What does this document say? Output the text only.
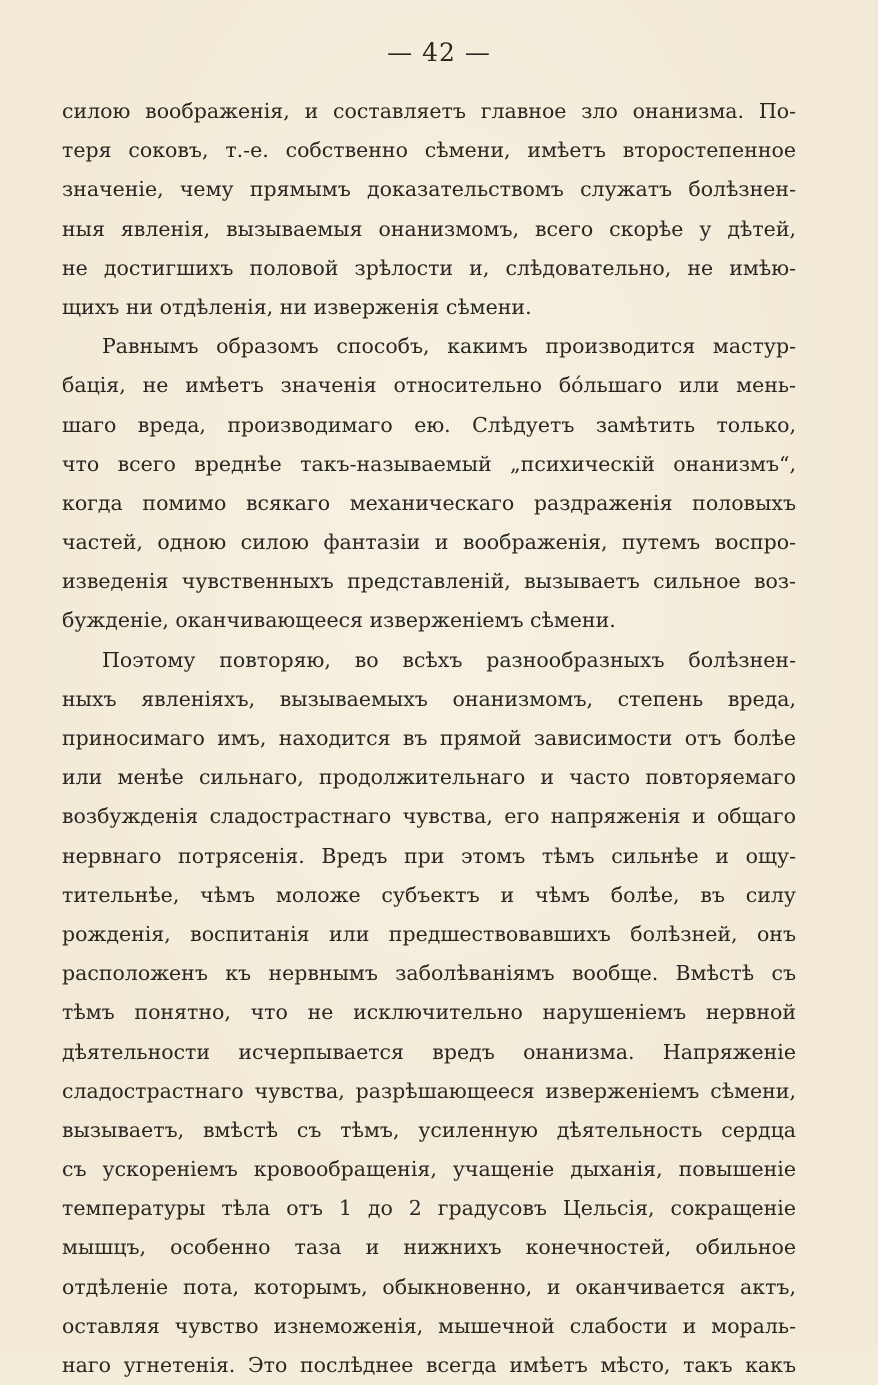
— 42 —
силою воображенія, и составляетъ главное зло онанизма. По-
теря соковъ, т.-е. собственно сѣмени, имѣетъ второстепенное
значеніе, чему прямымъ доказательствомъ служатъ болѣзнен-
ныя явленія, вызываемыя онанизмомъ, всего скорѣе у дѣтей,
не достигшихъ половой зрѣлости и, слѣдовательно, не имѣю-
щихъ ни отдѣленія, ни изверженія сѣмени.
Равнымъ образомъ способъ, какимъ производится мастур-
бація, не имѣетъ значенія относительно бóльшаго или мень-
шаго вреда, производимаго ею. Слѣдуетъ замѣтить только,
что всего вреднѣе такъ-называемый „психическій онанизмъ“,
когда помимо всякаго механическаго раздраженія половыхъ
частей, одною силою фантазіи и воображенія, путемъ воспро-
изведенія чувственныхъ представленій, вызываетъ сильное воз-
бужденіе, оканчивающееся изверженіемъ сѣмени.
Поэтому повторяю, во всѣхъ разнообразныхъ болѣзнен-
ныхъ явленіяхъ, вызываемыхъ онанизмомъ, степень вреда,
приносимаго имъ, находится въ прямой зависимости отъ болѣе
или менѣе сильнаго, продолжительнаго и часто повторяемаго
возбужденія сладострастнаго чувства, его напряженія и общаго
нервнаго потрясенія. Вредъ при этомъ тѣмъ сильнѣе и ощу-
тительнѣе, чѣмъ моложе субъектъ и чѣмъ болѣе, въ силу
рожденія, воспитанія или предшествовавшихъ болѣзней, онъ
расположенъ къ нервнымъ заболѣваніямъ вообще. Вмѣстѣ съ
тѣмъ понятно, что не исключительно нарушеніемъ нервной
дѣятельности исчерпывается вредъ онанизма. Напряженіе
сладострастнаго чувства, разрѣшающееся изверженіемъ сѣмени,
вызываетъ, вмѣстѣ съ тѣмъ, усиленную дѣятельность сердца
съ ускореніемъ кровообращенія, учащеніе дыханія, повышеніе
температуры тѣла отъ 1 до 2 градусовъ Цельсія, сокращеніе
мышцъ, особенно таза и нижнихъ конечностей, обильное
отдѣленіе пота, которымъ, обыкновенно, и оканчивается актъ,
оставляя чувство изнеможенія, мышечной слабости и мораль-
наго угнетенія. Это послѣднее всегда имѣетъ мѣсто, такъ какъ
